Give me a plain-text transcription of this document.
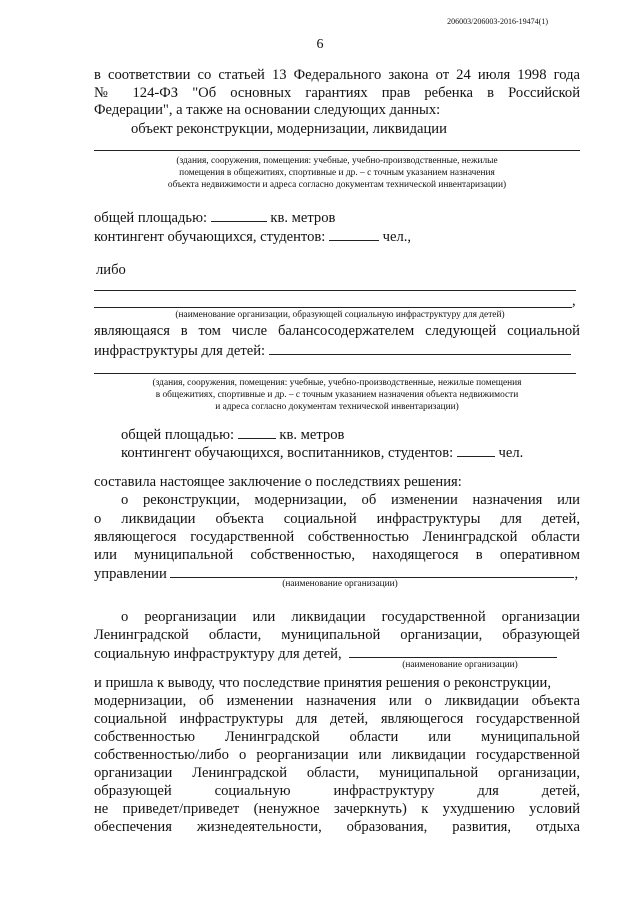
206003/206003-2016-19474(1)
6
в соответствии со статьей 13 Федерального закона от 24 июля 1998 года
№ 124-ФЗ "Об основных гарантиях прав ребенка в Российской
Федерации", а также на основании следующих данных:
объект реконструкции, модернизации, ликвидации
(здания, сооружения, помещения: учебные, учебно-производственные, нежилые
помещения в общежитиях, спортивные и др. – с точным указанием назначения
объекта недвижимости и адреса согласно документам технической инвентаризации)
общей площадью:	кв. метров
контингент обучающихся, студентов:	чел.,
либо
,
(наименование организации, образующей социальную инфраструктуру для детей)
являющаяся в том числе балансосодержателем следующей социальной
инфраструктуры для детей:
(здания, сооружения, помещения: учебные, учебно-производственные, нежилые помещения
в общежитиях, спортивные и др. – с точным указанием назначения объекта недвижимости
и адреса согласно документам технической инвентаризации)
общей площадью:	кв. метров
контингент обучающихся, воспитанников, студентов:	чел.
составила настоящее заключение о последствиях решения:
о реконструкции, модернизации, об изменении назначения или
о ликвидации объекта социальной инфраструктуры для детей,
являющегося государственной собственностью Ленинградской области
или муниципальной собственностью, находящегося в оперативном
управлении	,
(наименование организации)
о реорганизации или ликвидации государственной организации
Ленинградской области, муниципальной организации, образующей
социальную инфраструктуру для детей,
(наименование организации)
и пришла к выводу, что последствие принятия решения о реконструкции,
модернизации, об изменении назначения или о ликвидации объекта
социальной инфраструктуры для детей, являющегося государственной
собственностью Ленинградской области или муниципальной
собственностью/либо о реорганизации или ликвидации государственной
организации Ленинградской области, муниципальной организации,
образующей социальную инфраструктуру для детей,
не приведет/приведет (ненужное зачеркнуть) к ухудшению условий
обеспечения жизнедеятельности, образования, развития, отдыха
